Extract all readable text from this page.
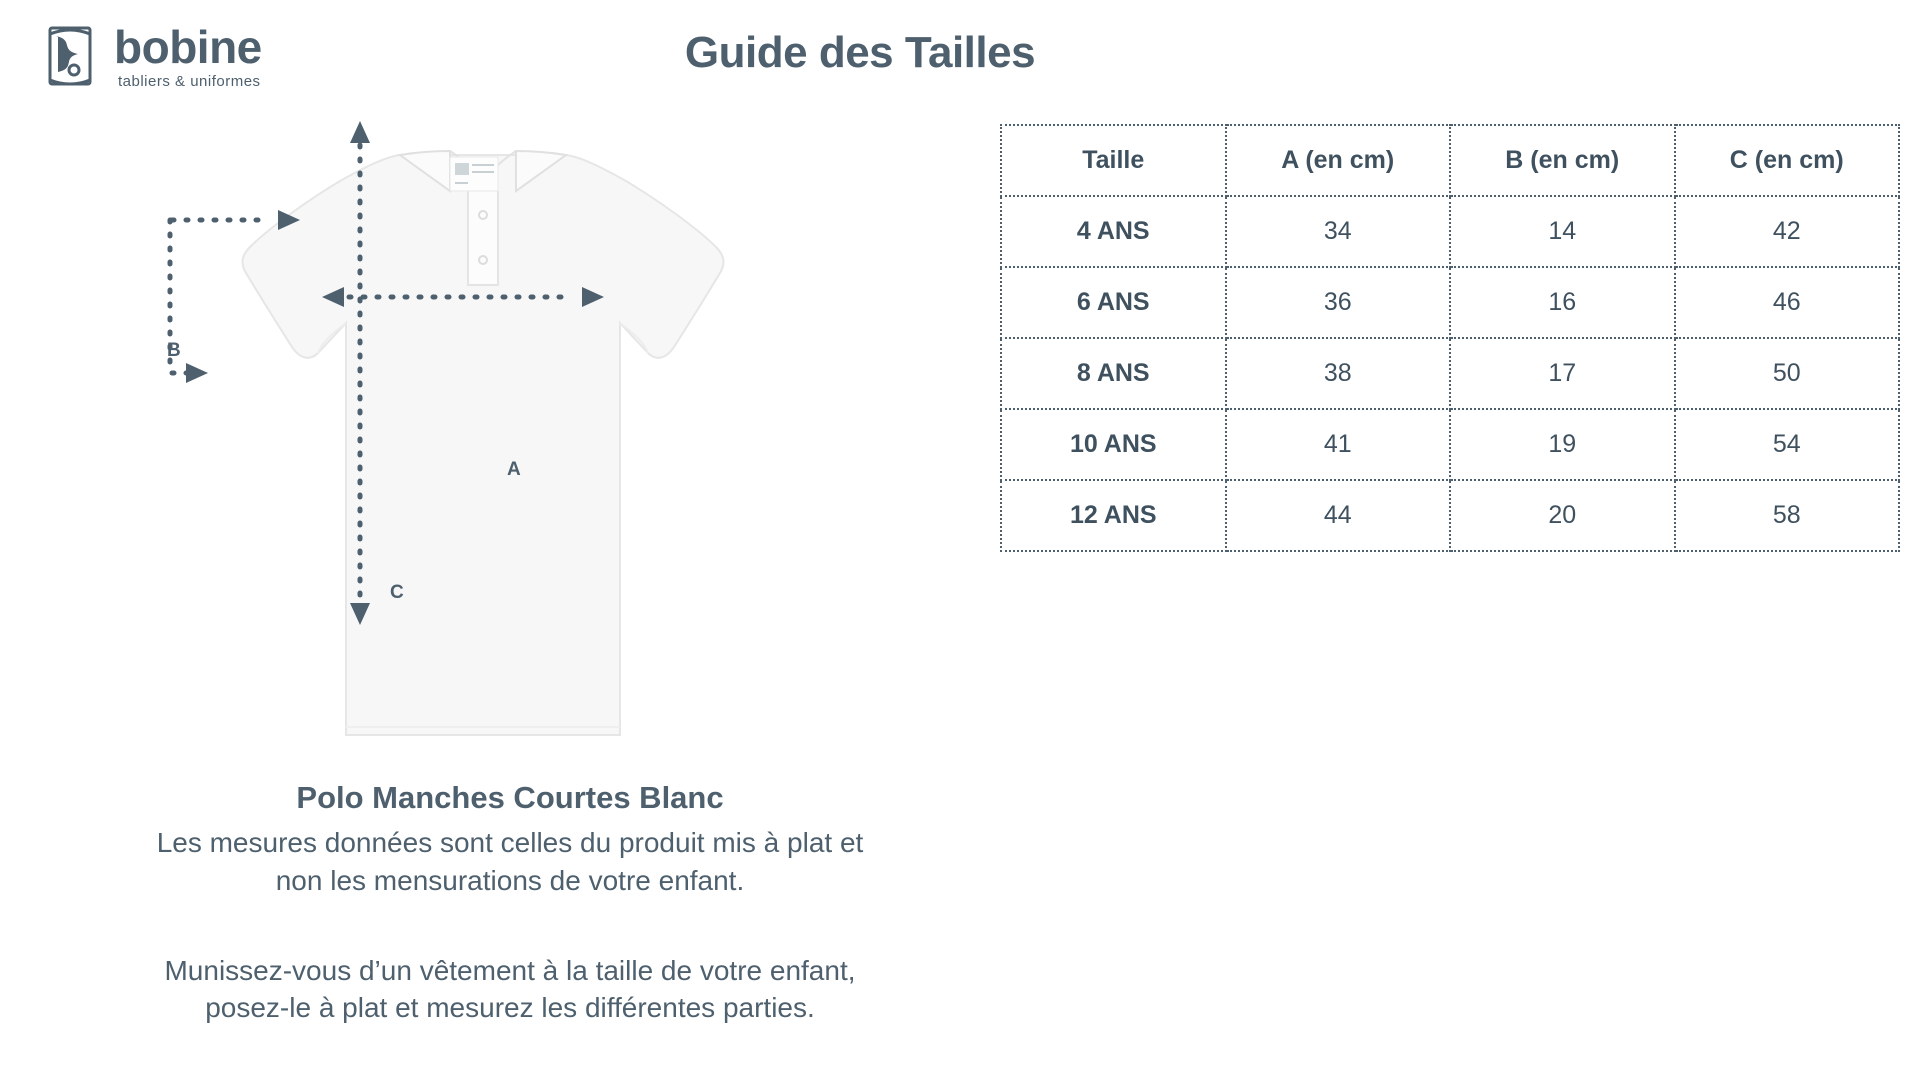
bobine
tabliers & uniformes
Guide des Tailles
A
B
C
Polo Manches Courtes Blanc
Les mesures données sont celles du produit mis à plat et
non les mensurations de votre enfant.
Munissez-vous d’un vêtement à la taille de votre enfant,
posez-le à plat et mesurez les différentes parties.
Taille	A (en cm)	B (en cm)	C (en cm)
4 ANS	34	14	42
6 ANS	36	16	46
8 ANS	38	17	50
10 ANS	41	19	54
12 ANS	44	20	58
